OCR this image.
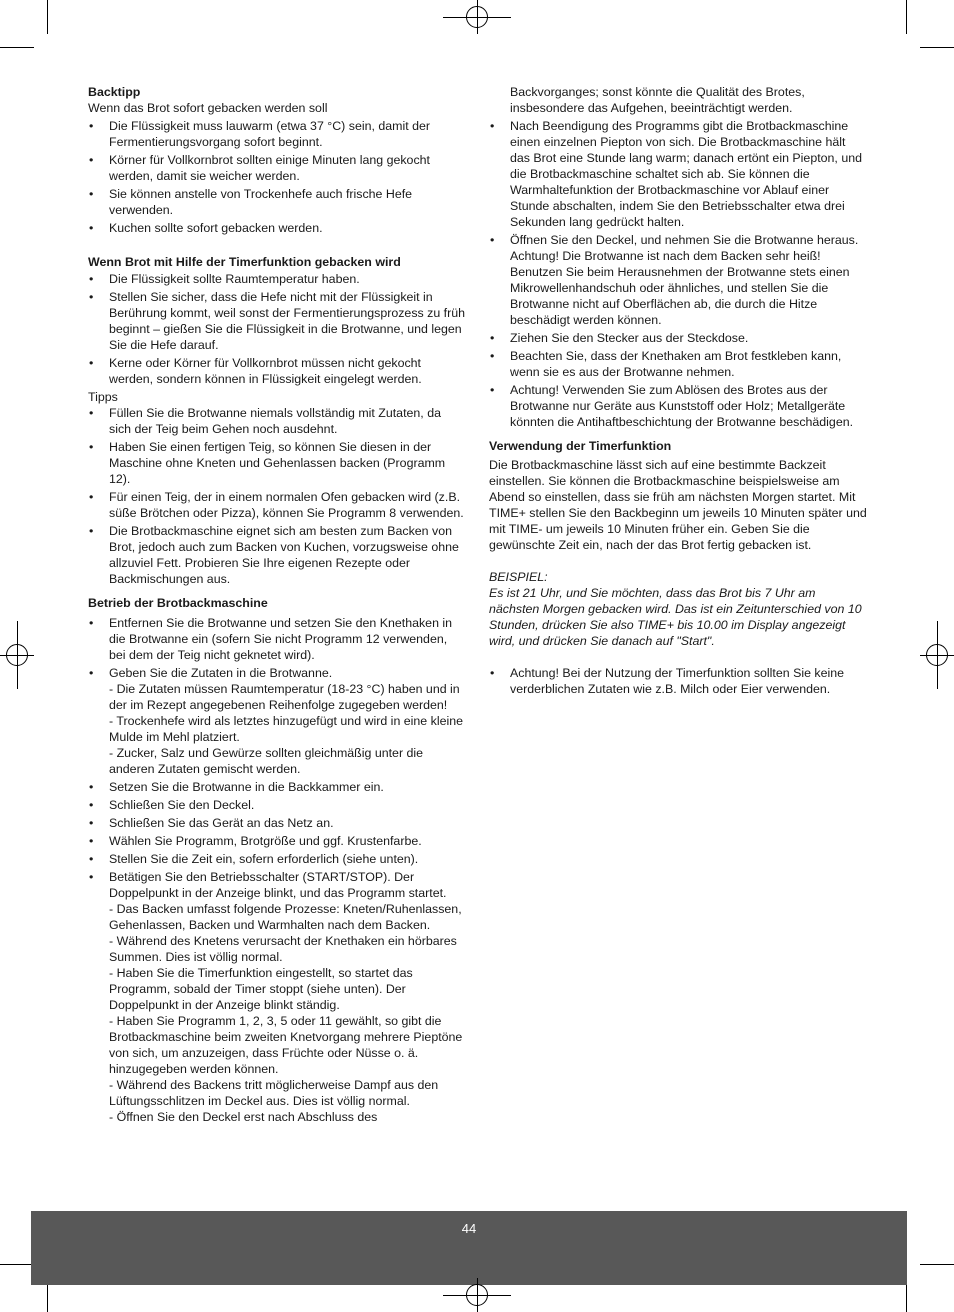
Backtipp

Wenn das Brot sofort gebacken werden soll

• Die Flüssigkeit muss lauwarm (etwa 37 °C) sein, damit der Fermentierungsvorgang sofort beginnt.
• Körner für Vollkornbrot sollten einige Minuten lang gekocht werden, damit sie weicher werden.
• Sie können anstelle von Trockenhefe auch frische Hefe verwenden.
• Kuchen sollte sofort gebacken werden.

Wenn Brot mit Hilfe der Timerfunktion gebacken wird

• Die Flüssigkeit sollte Raumtemperatur haben.
• Stellen Sie sicher, dass die Hefe nicht mit der Flüssigkeit in Berührung kommt, weil sonst der Fermentierungsprozess zu früh beginnt – gießen Sie die Flüssigkeit in die Brotwanne, und legen Sie die Hefe darauf.
• Kerne oder Körner für Vollkornbrot müssen nicht gekocht werden, sondern können in Flüssigkeit eingelegt werden.

Tipps

• Füllen Sie die Brotwanne niemals vollständig mit Zutaten, da sich der Teig beim Gehen noch ausdehnt.
• Haben Sie einen fertigen Teig, so können Sie diesen in der Maschine ohne Kneten und Gehenlassen backen (Programm 12).
• Für einen Teig, der in einem normalen Ofen gebacken wird (z.B. süße Brötchen oder Pizza), können Sie Programm 8 verwenden.
• Die Brotbackmaschine eignet sich am besten zum Backen von Brot, jedoch auch zum Backen von Kuchen, vorzugsweise ohne allzuviel Fett. Probieren Sie Ihre eigenen Rezepte oder Backmischungen aus.

Betrieb der Brotbackmaschine

• Entfernen Sie die Brotwanne und setzen Sie den Knethaken in die Brotwanne ein (sofern Sie nicht Programm 12 verwenden, bei dem der Teig nicht geknetet wird).
• Geben Sie die Zutaten in die Brotwanne.
- Die Zutaten müssen Raumtemperatur (18-23 °C) haben und in der im Rezept angegebenen Reihenfolge zugegeben werden!
- Trockenhefe wird als letztes hinzugefügt und wird in eine kleine Mulde im Mehl platziert.
- Zucker, Salz und Gewürze sollten gleichmäßig unter die anderen Zutaten gemischt werden.
• Setzen Sie die Brotwanne in die Backkammer ein.
• Schließen Sie den Deckel.
• Schließen Sie das Gerät an das Netz an.
• Wählen Sie Programm, Brotgröße und ggf. Krustenfarbe.
• Stellen Sie die Zeit ein, sofern erforderlich (siehe unten).
• Betätigen Sie den Betriebsschalter (START/STOP). Der Doppelpunkt in der Anzeige blinkt, und das Programm startet.
- Das Backen umfasst folgende Prozesse: Kneten/Ruhenlassen, Gehenlassen, Backen und Warmhalten nach dem Backen.
- Während des Knetens verursacht der Knethaken ein hörbares Summen. Dies ist völlig normal.
- Haben Sie die Timerfunktion eingestellt, so startet das Programm, sobald der Timer stoppt (siehe unten). Der Doppelpunkt in der Anzeige blinkt ständig.
- Haben Sie Programm 1, 2, 3, 5 oder 11 gewählt, so gibt die Brotbackmaschine beim zweiten Knetvorgang mehrere Pieptöne von sich, um anzuzeigen, dass Früchte oder Nüsse o. ä. hinzugegeben werden können.
- Während des Backens tritt möglicherweise Dampf aus den Lüftungsschlitzen im Deckel aus. Dies ist völlig normal.
- Öffnen Sie den Deckel erst nach Abschluss des

Backvorganges; sonst könnte die Qualität des Brotes, insbesondere das Aufgehen, beeinträchtigt werden.

• Nach Beendigung des Programms gibt die Brotbackmaschine einen einzelnen Piepton von sich. Die Brotbackmaschine hält das Brot eine Stunde lang warm; danach ertönt ein Piepton, und die Brotbackmaschine schaltet sich ab. Sie können die Warmhaltefunktion der Brotbackmaschine vor Ablauf einer Stunde abschalten, indem Sie den Betriebsschalter etwa drei Sekunden lang gedrückt halten.
• Öffnen Sie den Deckel, und nehmen Sie die Brotwanne heraus.
Achtung! Die Brotwanne ist nach dem Backen sehr heiß! Benutzen Sie beim Herausnehmen der Brotwanne stets einen Mikrowellenhandschuh oder ähnliches, und stellen Sie die Brotwanne nicht auf Oberflächen ab, die durch die Hitze beschädigt werden können.
• Ziehen Sie den Stecker aus der Steckdose.
• Beachten Sie, dass der Knethaken am Brot festkleben kann, wenn sie es aus der Brotwanne nehmen.
• Achtung! Verwenden Sie zum Ablösen des Brotes aus der Brotwanne nur Geräte aus Kunststoff oder Holz; Metallgeräte könnten die Antihaftbeschichtung der Brotwanne beschädigen.

Verwendung der Timerfunktion

Die Brotbackmaschine lässt sich auf eine bestimmte Backzeit einstellen. Sie können die Brotbackmaschine beispielsweise am Abend so einstellen, dass sie früh am nächsten Morgen startet. Mit TIME+ stellen Sie den Backbeginn um jeweils 10 Minuten später und mit TIME- um jeweils 10 Minuten früher ein. Geben Sie die gewünschte Zeit ein, nach der das Brot fertig gebacken ist.

BEISPIEL:

Es ist 21 Uhr, und Sie möchten, dass das Brot bis 7 Uhr am nächsten Morgen gebacken wird. Das ist ein Zeitunterschied von 10 Stunden, drücken Sie also TIME+ bis 10.00 im Display angezeigt wird, und drücken Sie danach auf "Start".

• Achtung! Bei der Nutzung der Timerfunktion sollten Sie keine verderblichen Zutaten wie z.B. Milch oder Eier verwenden.
44
